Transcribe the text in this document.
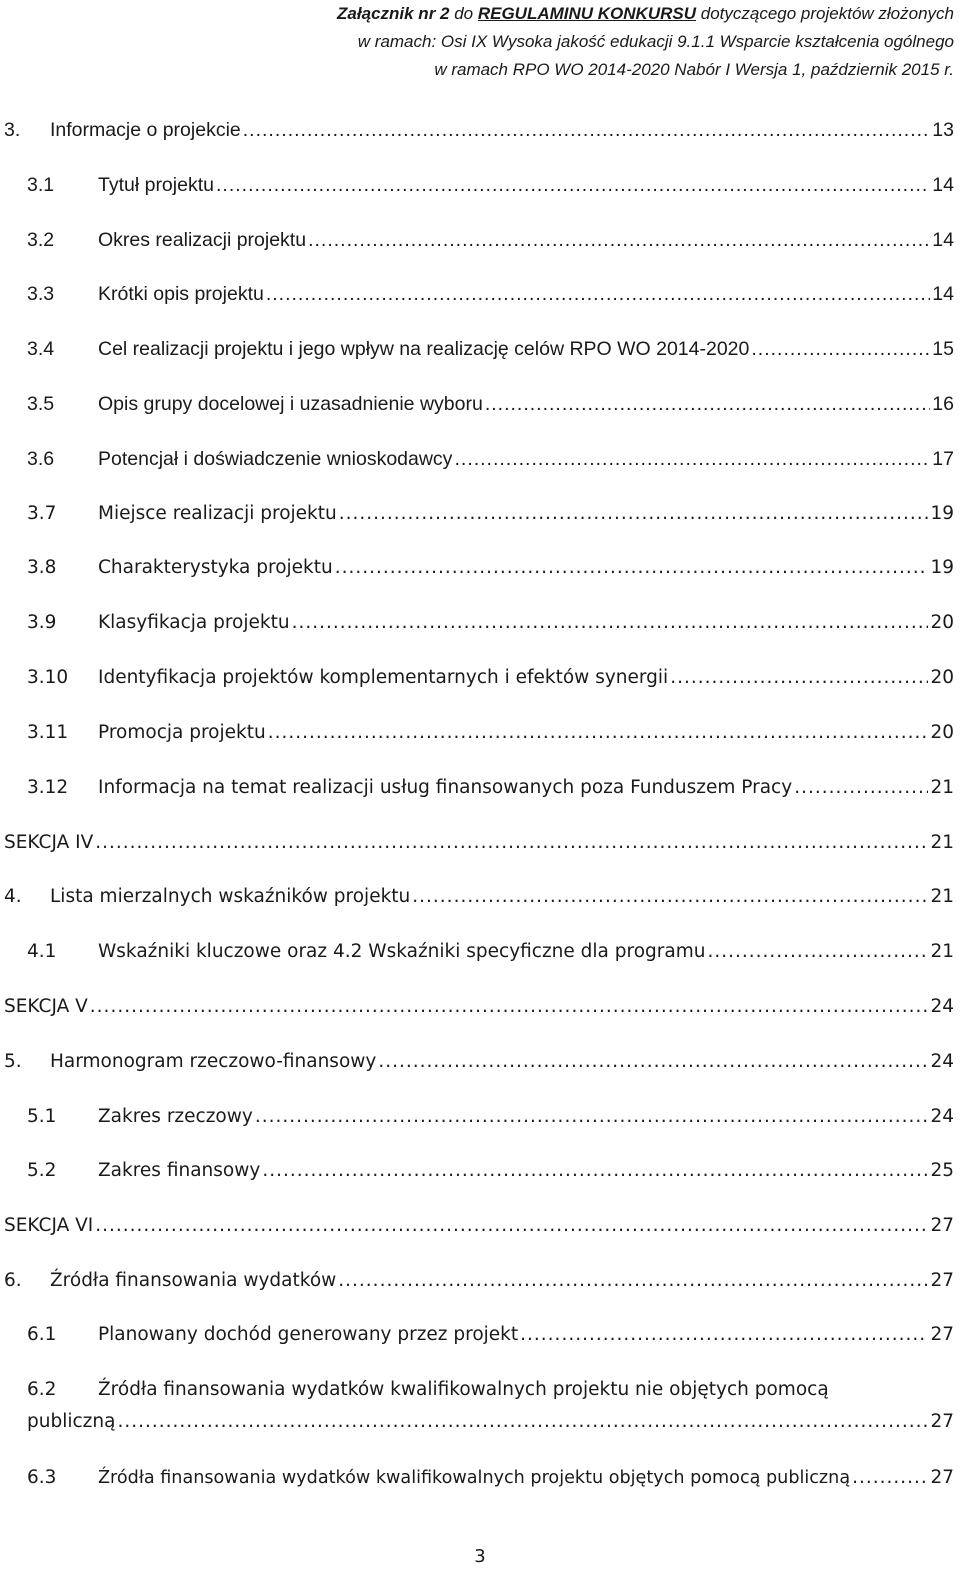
Załącznik nr 2 do REGULAMINU KONKURSU dotyczącego projektów złożonych
w ramach: Osi IX Wysoka jakość edukacji 9.1.1 Wsparcie kształcenia ogólnego
w ramach RPO WO 2014-2020 Nabór I Wersja 1, październik 2015 r.
3. Informacje o projekcie .....	13
3.1 Tytuł projektu .....	14
3.2 Okres realizacji projektu .....	14
3.3 Krótki opis projektu .....	14
3.4 Cel realizacji projektu i jego wpływ na realizację celów RPO WO 2014-2020 .....	15
3.5 Opis grupy docelowej i uzasadnienie wyboru .....	16
3.6 Potencjał i doświadczenie wnioskodawcy .....	17
3.7 Miejsce realizacji projektu .....	19
3.8 Charakterystyka projektu .....	19
3.9 Klasyfikacja projektu .....	20
3.10 Identyfikacja projektów komplementarnych i efektów synergii .....	20
3.11 Promocja projektu .....	20
3.12 Informacja na temat realizacji usług finansowanych poza Funduszem Pracy .....	21
SEKCJA IV .....	21
4. Lista mierzalnych wskaźników projektu .....	21
4.1 Wskaźniki kluczowe oraz 4.2 Wskaźniki specyficzne dla programu .....	21
SEKCJA V .....	24
5. Harmonogram rzeczowo-finansowy .....	24
5.1 Zakres rzeczowy .....	24
5.2 Zakres finansowy .....	25
SEKCJA VI .....	27
6. Źródła finansowania wydatków .....	27
6.1 Planowany dochód generowany przez projekt .....	27
6.2 Źródła finansowania wydatków kwalifikowalnych projektu nie objętych pomocą
publiczną .....	27
6.3 Źródła finansowania wydatków kwalifikowalnych projektu objętych pomocą publiczną .....	27
3
